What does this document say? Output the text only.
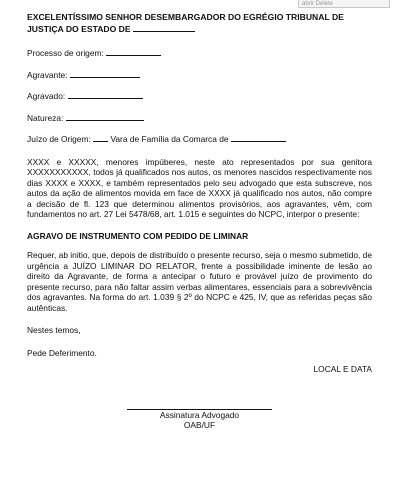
abrir Delete

EXCELENTÍSSIMO SENHOR DESEMBARGADOR DO EGRÉGIO TRIBUNAL DE

JUSTIÇA DO ESTADO DE

Processo de origem:

Agravante:

Agravado:

Natureza:

Juízo de Origem: Vara de Família da Comarca de

XXXX e XXXXX, menores impúberes, neste ato representados por sua genitora XXXXXXXXXXX, todos já qualificados nos autos, os menores nascidos respectivamente nos dias XXXX e XXXX, e também representados pelo seu advogado que esta subscreve, nos autos da ação de alimentos movida em face de XXXX já qualificado nos autos, não compre a decisão de fl. 123 que determinou alimentos provisórios, aos agravantes, vêm, com fundamentos no art. 27 Lei 5478/68, art. 1.015 e seguintes do NCPC, interpor o presente:

AGRAVO DE INSTRUMENTO COM PEDIDO DE LIMINAR

Requer, ab initio, que, depois de distribuído o presente recurso, seja o mesmo submetido, de urgência a JUÍZO LIMINAR DO RELATOR, frente a possibilidade iminente de lesão ao direito da Agravante, de forma a antecipar o futuro e provável juízo de provimento do presente recurso, para não faltar assim verbas alimentares, essenciais para a sobrevivência dos agravantes. Na forma do art. 1.039 § 2º do NCPC e 425, IV, que as referidas peças são autênticas.

Nestes temos,

Pede Deferimento.

LOCAL E DATA

Assinatura Advogado

OAB/UF
